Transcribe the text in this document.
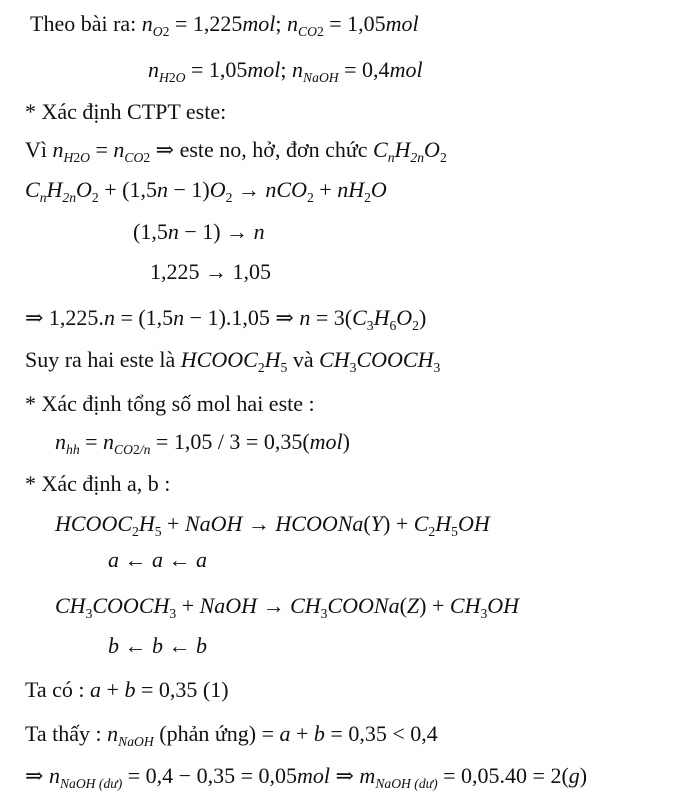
Theo bài ra: $n_{O2} = 1,225mol$; $n_{CO2} = 1,05mol$
$n_{H2O} = 1,05mol$; $n_{NaOH} = 0,4mol$
* Xác định CTPT este:
Vì $n_{H2O} = n_{CO2}$ ⇒ este no, hở, đơn chức $C_nH_{2n}O_2$
$C_nH_{2n}O_2 + (1,5n - 1)O_2 \to nCO_2 + nH_2O$
(1,5n − 1) → n
1,225 → 1,05
⇒ 1,225.n = (1,5n − 1).1,05 ⇒ $n = 3(C_3H_6O_2)$
Suy ra hai este là $HCOOC_2H_5$ và $CH_3COOCH_3$
* Xác định tổng số mol hai este :
$n_{hh} = n_{CO2/n} = 1,05 / 3 = 0,35(mol)$
* Xác định a, b :
$HCOOC_2H_5$ + NaOH → HCOONa(Y) + $C_2H_5OH$
a ← a ← a
$CH_3COOCH_3$ + NaOH → $CH_3COONa(Z) + CH_3OH$
b ← b ← b
Ta có : a + b = 0,35 (1)
Ta thấy : $n_{NaOH}$ (phản ứng) = a + b = 0,35 < 0,4
⇒ $n_{NaOH (dư)} = 0,4 - 0,35 = 0,05mol$ ⇒ $m_{NaOH (dư)} = 0,05.40 = 2(g)$
